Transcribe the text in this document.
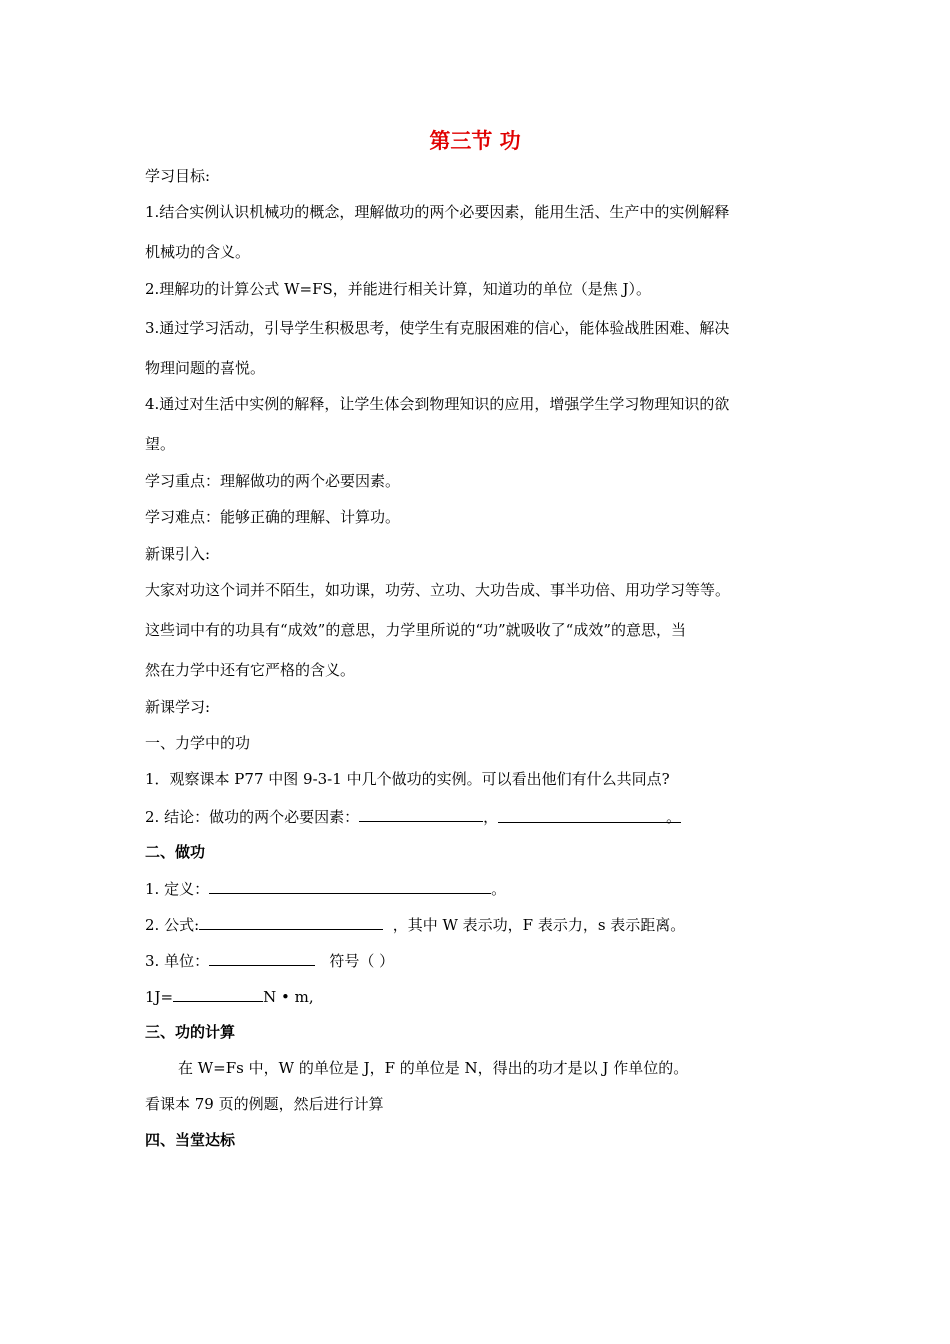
第三节 功
学习目标:
1.结合实例认识机械功的概念，理解做功的两个必要因素，能用生活、生产中的实例解释
机械功的含义。
2.理解功的计算公式 W=FS，并能进行相关计算，知道功的单位（是焦 J）。
3.通过学习活动，引导学生积极思考，使学生有克服困难的信心，能体验战胜困难、解决
物理问题的喜悦。
4.通过对生活中实例的解释，让学生体会到物理知识的应用，增强学生学习物理知识的欲
望。
学习重点：理解做功的两个必要因素。
学习难点：能够正确的理解、计算功。
新课引入:
大家对功这个词并不陌生，如功课，功劳、立功、大功告成、事半功倍、用功学习等等。
这些词中有的功具有“成效”的意思，力学里所说的“功”就吸收了“成效”的意思，当
然在力学中还有它严格的含义。
新课学习:
一、力学中的功
1．观察课本 P77 中图 9-3-1 中几个做功的实例。可以看出他们有什么共同点?
2. 结论：做功的两个必要因素：	，	。
二、做功
1. 定义：	。
2. 公式:	，其中 W 表示功，F 表示力，s 表示距离。
3. 单位：	符号（ ）
1J=	N • m,
三、功的计算
在 W=Fs 中，W 的单位是 J，F 的单位是 N，得出的功才是以 J 作单位的。
看课本 79 页的例题，然后进行计算
四、当堂达标
